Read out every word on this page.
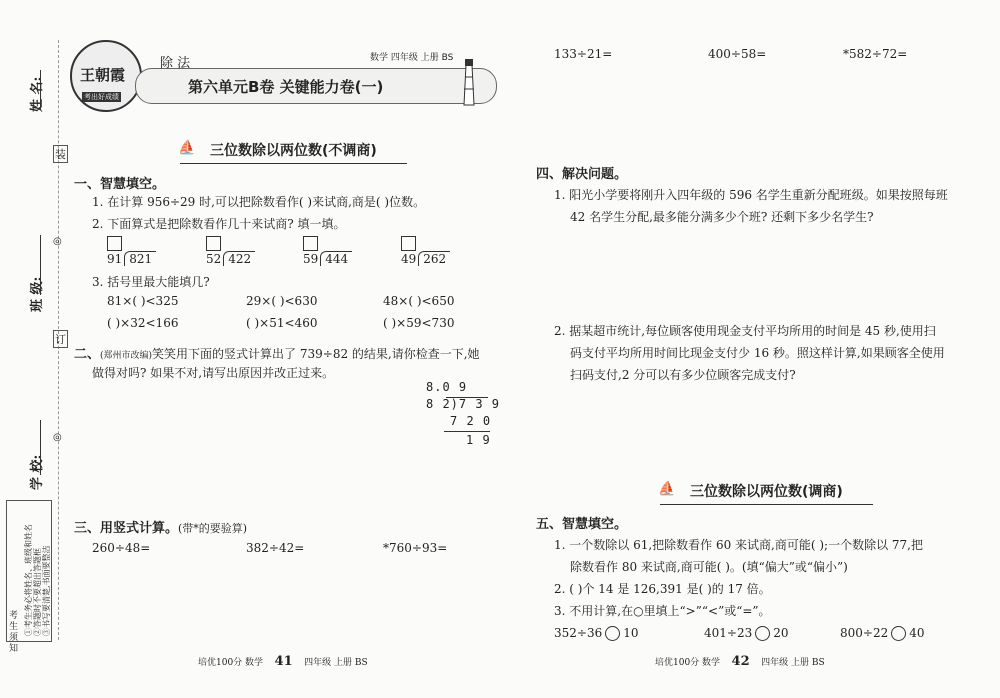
◎
◎
装
订
姓 名:
班 级:
学 校:
考生须知
①考生务必将姓名、班级和姓名 ②答题时不要超出答题框 ③书写要清楚,书面要整洁
王朝霞
考出好成绩
除 法	数学 四年级 上册 BS
第六单元B卷 关键能力卷(一)
⛵ 三位数除以两位数(不调商)
一、智慧填空。
1. 在计算 956÷29 时,可以把除数看作( )来试商,商是( )位数。
2. 下面算式是把除数看作几十来试商? 填一填。

91 821	52 422	59 444	49 262
3. 括号里最大能填几?
81×( )<325	29×( )<630	48×( )<650
( )×32<166	( )×51<460	( )×59<730
二、(郑州市改编)笑笑用下面的竖式计算出了 739÷82 的结果,请你检查一下,她
做得对吗? 如果不对,请写出原因并改正过来。
8.0 9
8 2)7 3 9
7 2 0
1 9
三、用竖式计算。(带*的要验算)
260÷48=	382÷42=	*760÷93=
培优100分 数学 41 四年级 上册 BS
133÷21=	400÷58=	*582÷72=
四、解决问题。
1. 阳光小学要将刚升入四年级的 596 名学生重新分配班级。如果按照每班
42 名学生分配,最多能分满多少个班? 还剩下多少名学生?
2. 据某超市统计,每位顾客使用现金支付平均所用的时间是 45 秒,使用扫
码支付平均所用时间比现金支付少 16 秒。照这样计算,如果顾客全使用
扫码支付,2 分可以有多少位顾客完成支付?
⛵ 三位数除以两位数(调商)
五、智慧填空。
1. 一个数除以 61,把除数看作 60 来试商,商可能( );一个数除以 77,把
除数看作 80 来试商,商可能( )。(填“偏大”或“偏小”)
2. ( )个 14 是 126,391 是( )的 17 倍。
3. 不用计算,在○里填上“>”“<”或“=”。
352÷36 10	401÷23 20	800÷22 40
培优100分 数学 42 四年级 上册 BS
